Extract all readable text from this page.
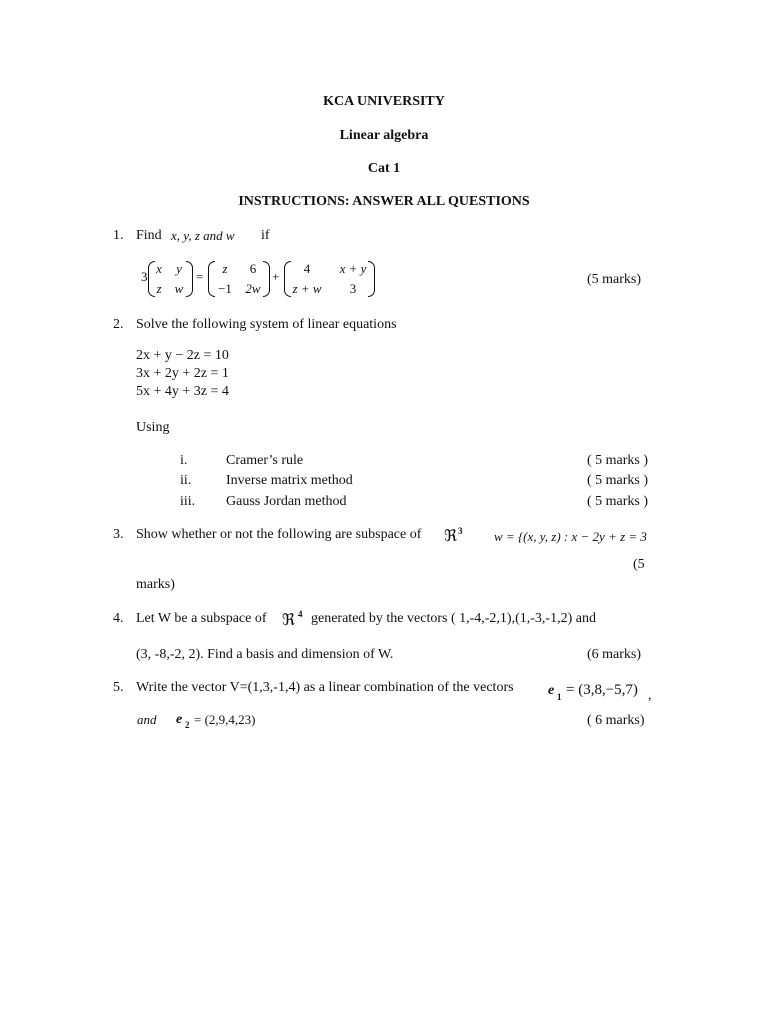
KCA UNIVERSITY
Linear algebra
Cat 1
INSTRUCTIONS: ANSWER ALL QUESTIONS
1. Find x, y, z and w if
3
x	y
z	w
=
z	6
−1	2w
+
4	x + y
z + w	3
(5 marks)
2. Solve the following system of linear equations
2x + y − 2z = 10
3x + 2y + 2z = 1
5x + 4y + 3z = 4
Using
i.	Cramer’s rule	( 5 marks )
ii. Inverse matrix method	( 5 marks )
iii. Gauss Jordan method	( 5 marks )
3. Show whether or not the following are subspace of ℜ 3 w = {(x, y, z) : x − 2y + z = 3
(5
marks)
4. Let W be a subspace of ℜ 4 generated by the vectors ( 1,-4,-2,1),(1,-3,-1,2) and
(3, -8,-2, 2). Find a basis and dimension of W.	(6 marks)
5. Write the vector V=(1,3,-1,4) as a linear combination of the vectors e 1 = (3,8,−5,7) ,
and e 2 = (2,9,4,23)	( 6 marks)
